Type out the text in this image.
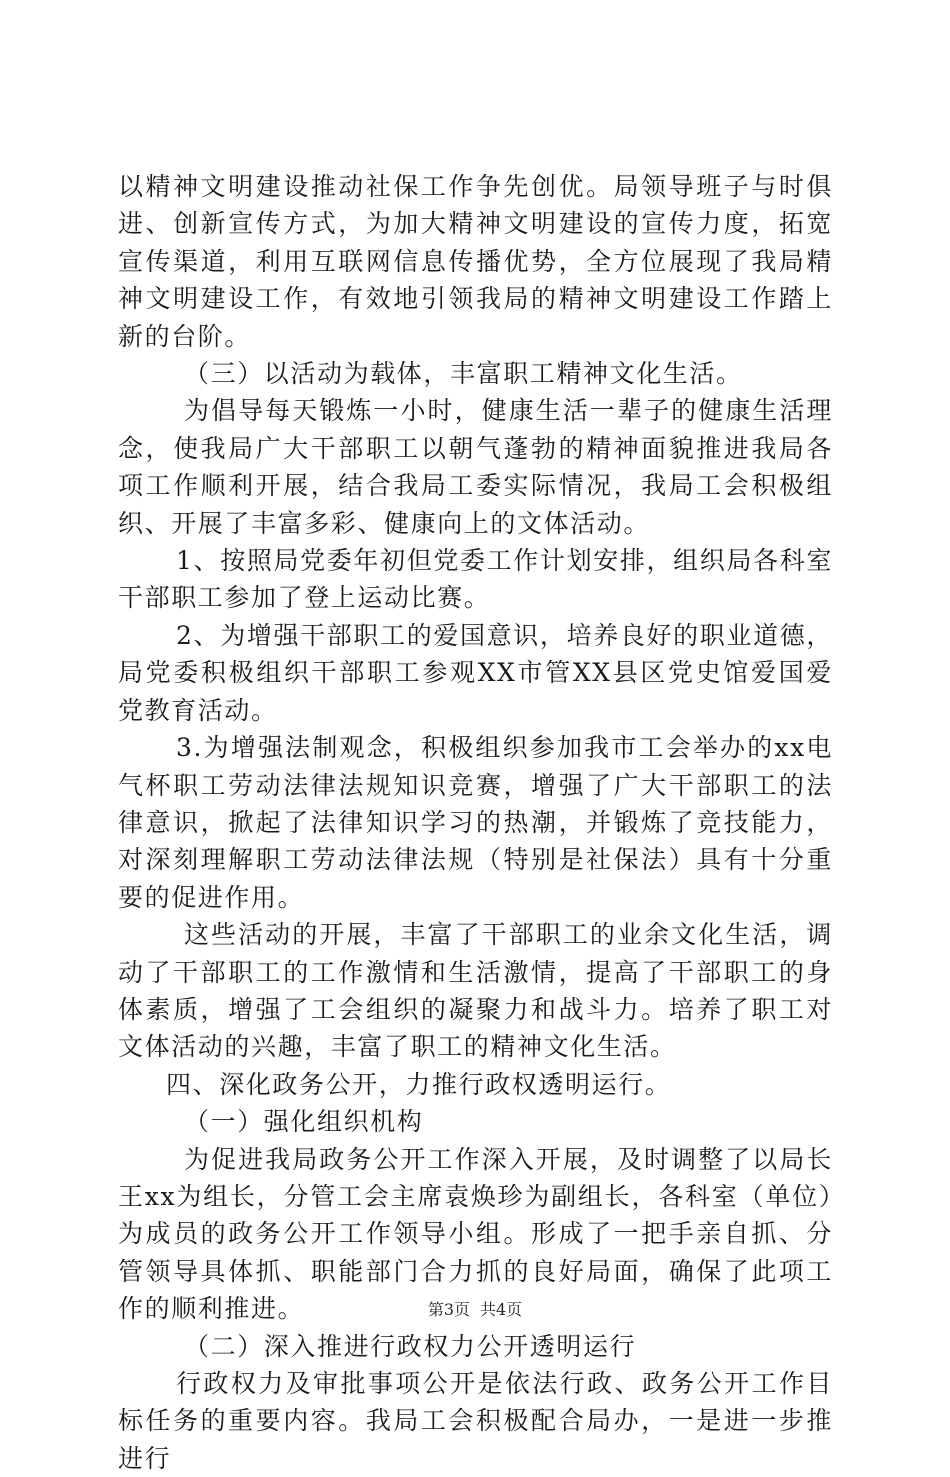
以精神文明建设推动社保工作争先创优。局领导班子与时俱进、创新宣传方式，为加大精神文明建设的宣传力度，拓宽宣传渠道，利用互联网信息传播优势，全方位展现了我局精神文明建设工作，有效地引领我局的精神文明建设工作踏上新的台阶。

（三）以活动为载体，丰富职工精神文化生活。

为倡导每天锻炼一小时，健康生活一辈子的健康生活理念，使我局广大干部职工以朝气蓬勃的精神面貌推进我局各项工作顺利开展，结合我局工委实际情况，我局工会积极组织、开展了丰富多彩、健康向上的文体活动。

1、按照局党委年初但党委工作计划安排，组织局各科室干部职工参加了登上运动比赛。

2、为增强干部职工的爱国意识，培养良好的职业道德，局党委积极组织干部职工参观XX市管XX县区党史馆爱国爱党教育活动。

3.为增强法制观念，积极组织参加我市工会举办的xx电气杯职工劳动法律法规知识竞赛，增强了广大干部职工的法律意识，掀起了法律知识学习的热潮，并锻炼了竞技能力，对深刻理解职工劳动法律法规（特别是社保法）具有十分重要的促进作用。

这些活动的开展，丰富了干部职工的业余文化生活，调动了干部职工的工作激情和生活激情，提高了干部职工的身体素质，增强了工会组织的凝聚力和战斗力。培养了职工对文体活动的兴趣，丰富了职工的精神文化生活。

四、深化政务公开，力推行政权透明运行。

（一）强化组织机构

为促进我局政务公开工作深入开展，及时调整了以局长王xx为组长，分管工会主席袁焕珍为副组长，各科室（单位）为成员的政务公开工作领导小组。形成了一把手亲自抓、分管领导具体抓、职能部门合力抓的良好局面，确保了此项工作的顺利推进。

（二）深入推进行政权力公开透明运行

行政权力及审批事项公开是依法行政、政务公开工作目标任务的重要内容。我局工会积极配合局办，一是进一步推进行

第3页 共4页
